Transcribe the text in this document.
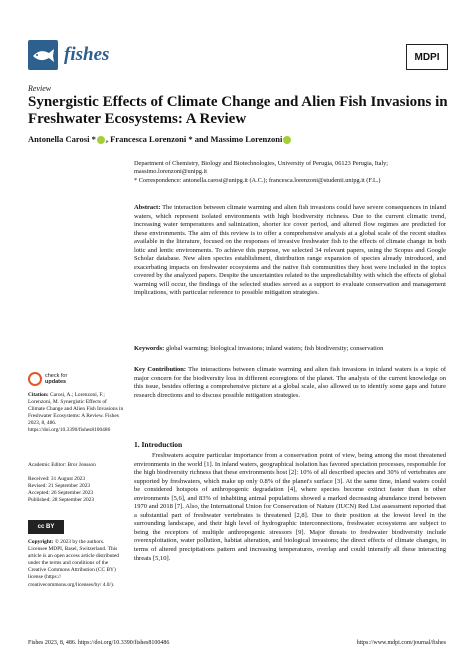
fishes	MDPI
Review
Synergistic Effects of Climate Change and Alien Fish Invasions in Freshwater Ecosystems: A Review
Antonella Carosi * , Francesca Lorenzoni * and Massimo Lorenzoni
Department of Chemistry, Biology and Biotechnologies, University of Perugia, 06123 Perugia, Italy; massimo.lorenzoni@unipg.it
* Correspondence: antonella.carosi@unipg.it (A.C.); francesca.lorenzoni@studenti.unipg.it (F.L.)
Abstract: The interaction between climate warming and alien fish invasions could have severe consequences in inland waters, which represent isolated environments with high biodiversity richness. Due to the current climatic trend, increasing water temperatures and salinization, shorter ice cover period, and altered flow regimes are predicted for these environments. The aim of this review is to offer a comprehensive analysis at a global scale of the recent studies available in the literature, focused on the responses of invasive freshwater fish to the effects of climate change in both lotic and lentic environments. To achieve this purpose, we selected 34 relevant papers, using the Scopus and Google Scholar database. New alien species establishment, distribution range expansion of species already introduced, and exacerbating impacts on freshwater ecosystems and the native fish communities they host were included in the topics covered by the analyzed papers. Despite the uncertainties related to the unpredictability with which the effects of global warming will occur, the findings of the selected studies served as a support to evaluate conservation and management implications, with particular reference to possible mitigation strategies.
Keywords: global warming; biological invasions; inland waters; fish biodiversity; conservation
Key Contribution: The interactions between climate warming and alien fish invasions in inland waters is a topic of major concern for the biodiversity loss in different ecoregions of the planet. The analysis of the current knowledge on this issue, besides offering a comprehensive picture at a global scale, also allowed us to identify some gaps and future research directions and to discuss possible mitigation strategies.
check for
updates
Citation: Carosi, A.; Lorenzoni, F.; Lorenzoni, M. Synergistic Effects of Climate Change and Alien Fish Invasions in Freshwater Ecosystems: A Review. Fishes 2023, 8, 486. https://doi.org/10.3390/fishes8100486
Academic Editor: Bror Jonsson
Received: 31 August 2023
Revised: 21 September 2023
Accepted: 26 September 2023
Published: 28 September 2023
cc BY
Copyright: © 2023 by the authors. Licensee MDPI, Basel, Switzerland. This article is an open access article distributed under the terms and conditions of the Creative Commons Attribution (CC BY) license (https:// creativecommons.org/licenses/by/ 4.0/).
1. Introduction
Freshwaters acquire particular importance from a conservation point of view, being among the most threatened environments in the world [1]. In inland waters, geographical isolation has favored speciation processes, responsible for the high biodiversity richness that these environments host [2]: 10% of all described species and 30% of vertebrates are supported by freshwaters, which make up only 0.8% of the planet's surface [3]. At the same time, inland waters could be considered hotspots of anthropogenic degradation [4], where species become extinct faster than in other environments [5,6], and 83% of inhabiting animal populations showed a marked decreasing abundance trend between 1970 and 2018 [7]. Also, the International Union for Conservation of Nature (IUCN) Red List assessment reported that a substantial part of freshwater vertebrates is threatened [2,8]. Due to their position at the lowest level in the surrounding landscape, and their high level of hydrographic interconnections, freshwater ecosystems are subject to being the receptors of multiple anthropogenic stressors [9]. Major threats to freshwater biodiversity include overexploitation, water pollution, habitat alteration, and biological invasions; the direct effects of climate changes, in terms of altered precipitations pattern and increasing temperatures, overlap and could intensify all these interacting threats [5,10].
Fishes 2023, 8, 486. https://doi.org/10.3390/fishes8100486	https://www.mdpi.com/journal/fishes
